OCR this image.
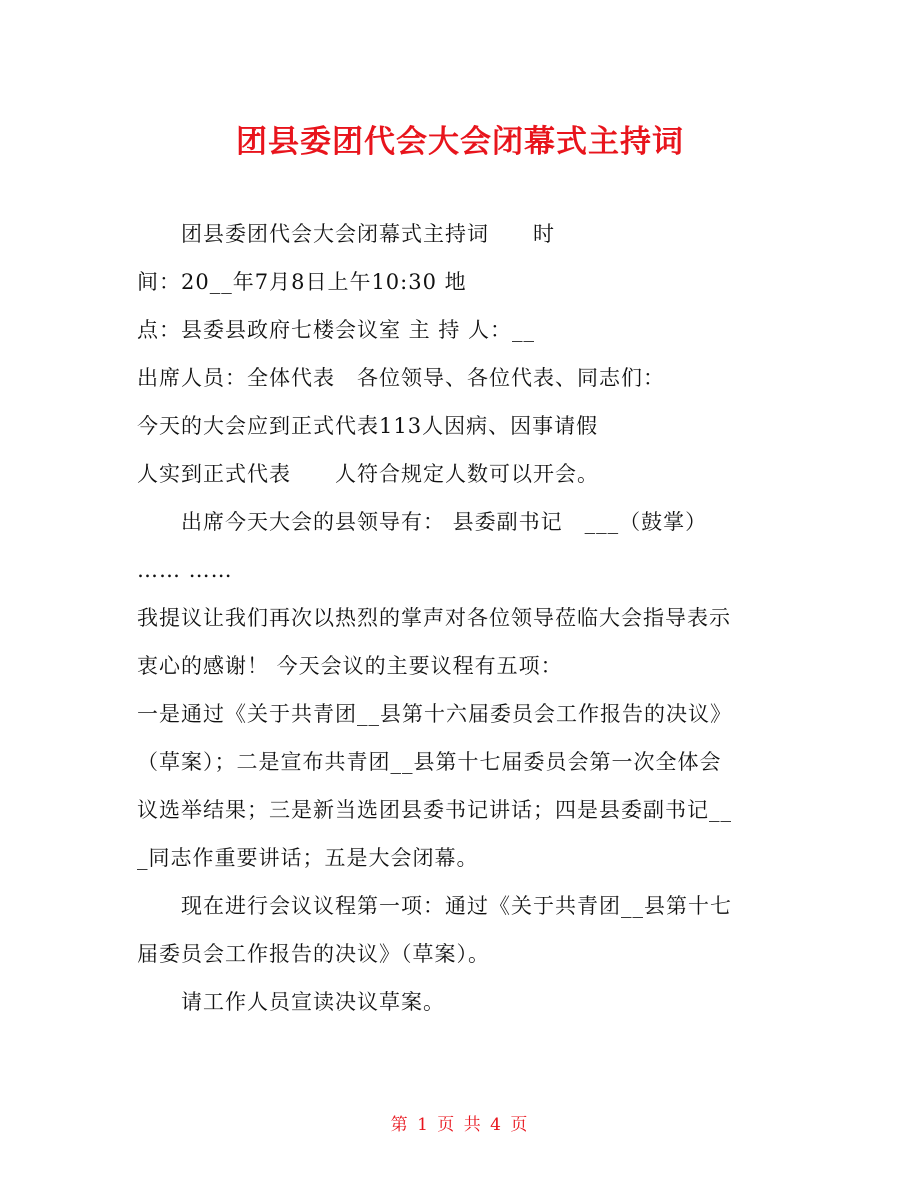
团县委团代会大会闭幕式主持词
团县委团代会大会闭幕式主持词　　时
间：20__年7月8日上午10:30 地
点：县委县政府七楼会议室 主 持 人：__
出席人员：全体代表　各位领导、各位代表、同志们：
今天的大会应到正式代表113人因病、因事请假
人实到正式代表　　人符合规定人数可以开会。
出席今天大会的县领导有： 县委副书记　___（鼓掌）
…… ……
我提议让我们再次以热烈的掌声对各位领导莅临大会指导表示
衷心的感谢！ 今天会议的主要议程有五项：
一是通过《关于共青团__县第十六届委员会工作报告的决议》
（草案）；二是宣布共青团__县第十七届委员会第一次全体会
议选举结果；三是新当选团县委书记讲话；四是县委副书记__
_同志作重要讲话；五是大会闭幕。
现在进行会议议程第一项：通过《关于共青团__县第十七
届委员会工作报告的决议》（草案）。
请工作人员宣读决议草案。
第 1 页 共 4 页
